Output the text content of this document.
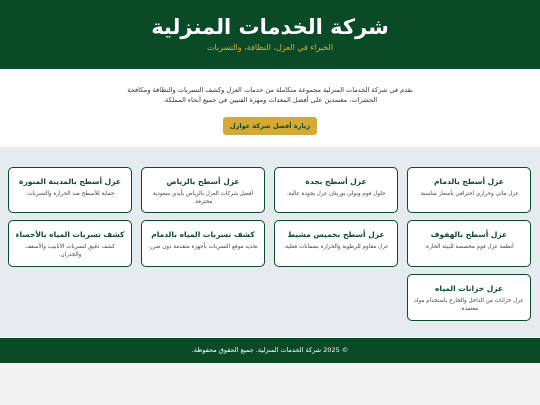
شركة الخدمات المنزلية
الخبراء في العزل، النظافة، والتسربات

نقدم في شركة الخدمات المنزلية مجموعة متكاملة من خدمات العزل وكشف التسربات والنظافة ومكافحة الحشرات، معتمدين على أفضل المعدات ومهرة الفنيين في جميع أنحاء المملكة.

زيارة أفضل شركة عوازل
عزل أسطح بالدمام

عزل مائي وحراري احترافي بأسعار مناسبة.

عزل أسطح بجدة

حلول فوم وبولي يوريثان عزل بجودة عالية.

عزل أسطح بالرياض

أفضل شركات العزل بالرياض بأيدي سعودية محترفة.

عزل أسطح بالمدينة المنورة

حماية للأسطح ضد الحرارة والتسربات.

عزل أسطح بالهفوف

أنظمة عزل فوم مخصصة للبيئة الحارة.

عزل أسطح بخميس مشيط

عزل مقاوم للرطوبة والحرارة بضمانات فعلية.

كشف تسربات المياه بالدمام

تحديد موقع التسربات بأجهزة متقدمة دون ضرر.

كشف تسربات المياه بالأحساء

كشف دقيق لتسربات الأنابيب والأسقف والجدران.

عزل خزانات المياه

عزل خزانات من الداخل والخارج باستخدام مواد معتمدة.

© 2025 شركة الخدمات المنزلية. جميع الحقوق محفوظة.
